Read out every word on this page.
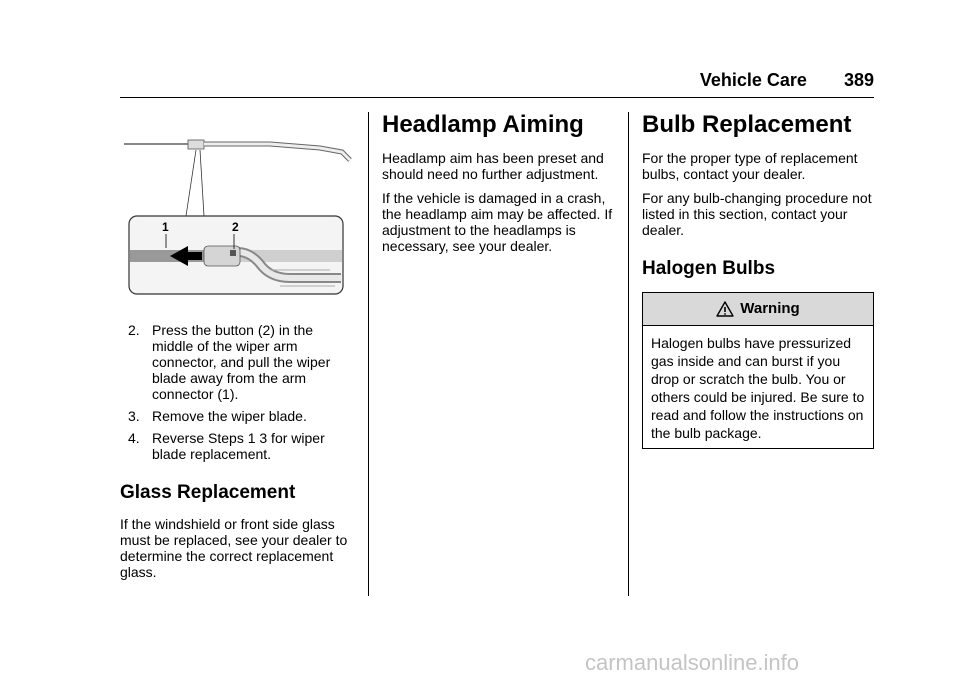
Vehicle Care 389
1	2
2. Press the button (2) in the middle of the wiper arm connector, and pull the wiper blade away from the arm connector (1).
3. Remove the wiper blade.
4. Reverse Steps 1 3 for wiper blade replacement.
Glass Replacement

If the windshield or front side glass must be replaced, see your dealer to determine the correct replacement glass.

Headlamp Aiming

Headlamp aim has been preset and should need no further adjustment.

If the vehicle is damaged in a crash, the headlamp aim may be affected. If adjustment to the headlamps is necessary, see your dealer.

Bulb Replacement

For the proper type of replacement bulbs, contact your dealer.

For any bulb-changing procedure not listed in this section, contact your dealer.

Halogen Bulbs
Warning
Halogen bulbs have pressurized gas inside and can burst if you drop or scratch the bulb. You or others could be injured. Be sure to read and follow the instructions on the bulb package.
carmanualsonline.info
